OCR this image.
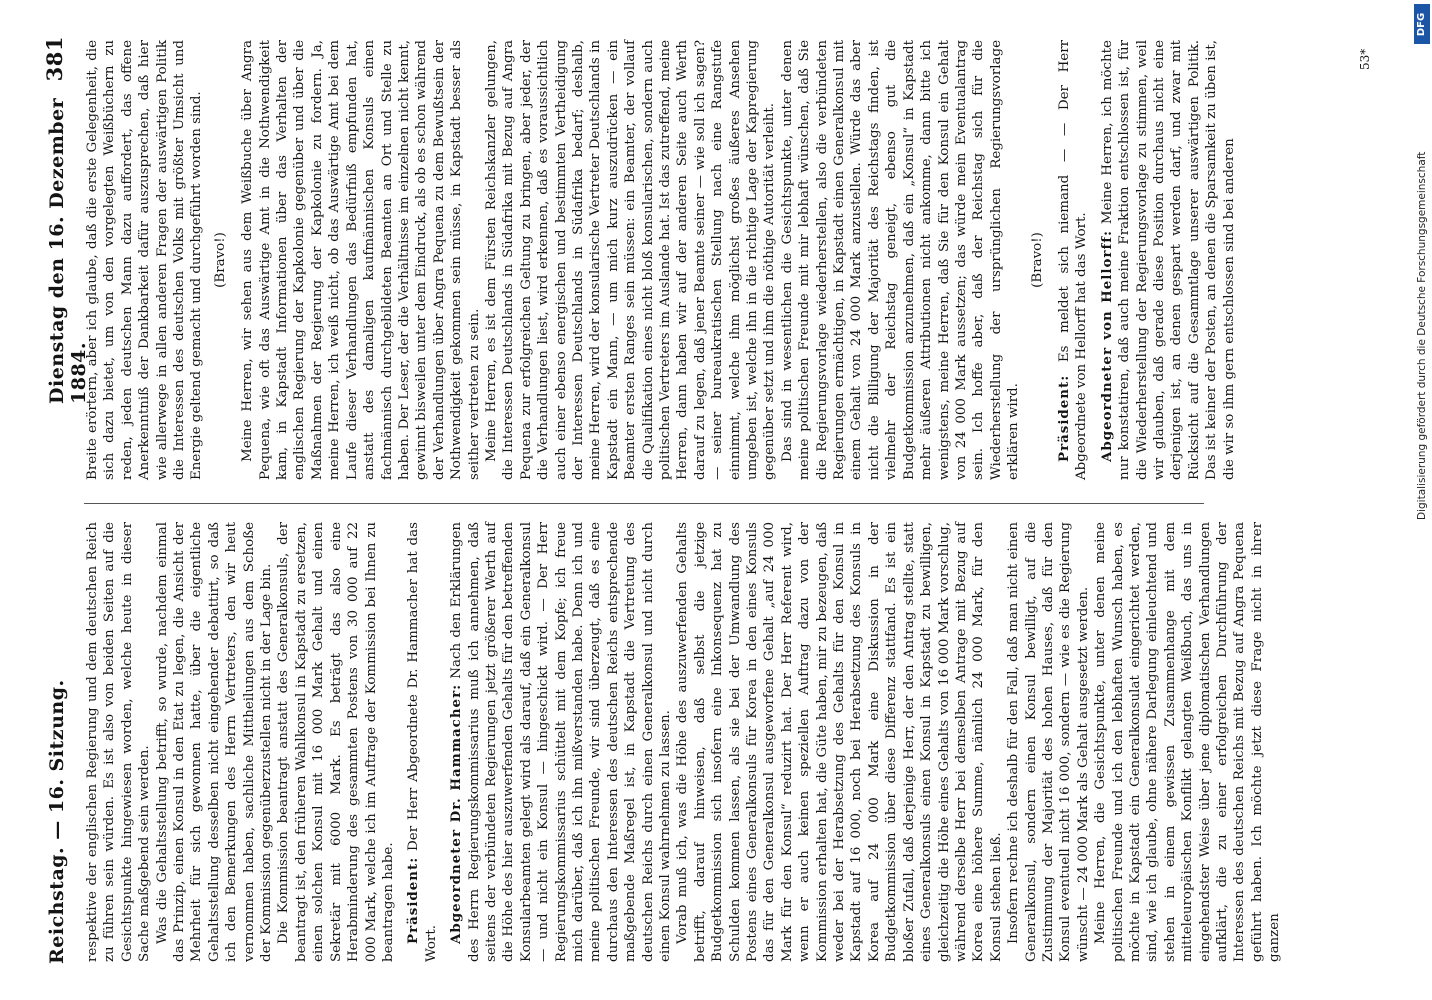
Reichstag. — 16. Sitzung.
Dienstag den 16. Dezember 1884.
381

respektive der englischen Regierung und dem deutschen Reich zu führen sein würden. Es ist also von beiden Seiten auf die Gesichtspunkte hingewiesen worden, welche heute in dieser Sache maßgebend sein werden. Was die Gehaltsstellung betrifft, so wurde, nachdem einmal das Prinzip, einen Konsul in den Etat zu legen, die Ansicht der Mehrheit für sich gewonnen hatte, über die eigentliche Gehaltsstellung desselben nicht eingehender debattirt, so daß ich den Bemerkungen des Herrn Vertreters, den wir heut vernommen haben, sachliche Mittheilungen aus dem Schoße der Kommission gegenüberzustellen nicht in der Lage bin. Die Kommission beantragt anstatt des Generalkonsuls, der beantragt ist, den früheren Wahlkonsul in Kapstadt zu ersetzen, einen solchen Konsul mit 16 000 Mark Gehalt und einen Sekretär mit 6000 Mark. Es beträgt das also eine Herabminderung des gesammten Postens von 30 000 auf 22 000 Mark, welche ich im Auftrage der Kommission bei Ihnen zu beantragen habe. Präsident: Der Herr Abgeordnete Dr. Hammacher hat das Wort. Abgeordneter Dr. Hammacher: Nach den Erklärungen des Herrn Regierungskommissarius muß ich annehmen, daß seitens der verbündeten Regierungen jetzt größerer Werth auf die Höhe des hier auszuwerfenden Gehalts für den betreffenden Konsularbeamten gelegt wird als darauf, daß ein Generalkonsul — und nicht ein Konsul — hingeschickt wird. — Der Herr Regierungskommissarius schüttelt mit dem Kopfe; ich freue mich darüber, daß ich ihn mißverstanden habe. Denn ich und meine politischen Freunde, wir sind überzeugt, daß es eine durchaus den Interessen des deutschen Reichs entsprechende maßgebende Maßregel ist, in Kapstadt die Vertretung des deutschen Reichs durch einen Generalkonsul und nicht durch einen Konsul wahrnehmen zu lassen. Vorab muß ich, was die Höhe des auszuwerfenden Gehalts betrifft, darauf hinweisen, daß selbst die jetzige Budgetkommission sich insofern eine Inkonsequenz hat zu Schulden kommen lassen, als sie bei der Umwandlung des Postens eines Generalkonsuls für Korea in den eines Konsuls das für den Generalkonsul ausgeworfene Gehalt „auf 24 000 Mark für den Konsul“ reduzirt hat. Der Herr Referent wird, wenn er auch keinen speziellen Auftrag dazu von der Kommission erhalten hat, die Güte haben, mir zu bezeugen, daß weder bei der Herabsetzung des Gehalts für den Konsul in Kapstadt auf 16 000, noch bei Herabsetzung des Konsuls in Korea auf 24 000 Mark eine Diskussion in der Budgetkommission über diese Differenz stattfand. Es ist ein bloßer Zufall, daß derjenige Herr, der den Antrag stellte, statt eines Generalkonsuls einen Konsul in Kapstadt zu bewilligen, gleichzeitig die Höhe eines Gehalts von 16 000 Mark vorschlug, während derselbe Herr bei demselben Antrage mit Bezug auf Korea eine höhere Summe, nämlich 24 000 Mark, für den Konsul stehen ließ. Insofern rechne ich deshalb für den Fall, daß man nicht einen Generalkonsul, sondern einen Konsul bewilligt, auf die Zustimmung der Majorität des hohen Hauses, daß für den Konsul eventuell nicht 16 000, sondern — wie es die Regierung wünscht — 24 000 Mark als Gehalt ausgesetzt werden. Meine Herren, die Gesichtspunkte, unter denen meine politischen Freunde und ich den lebhaften Wunsch haben, es möchte in Kapstadt ein Generalkonsulat eingerichtet werden, sind, wie ich glaube, ohne nähere Darlegung einleuchtend und stehen in einem gewissen Zusammenhange mit dem mitteleuropäischen Konflikt gelangten Weißbuch, das uns in eingehendster Weise über jene diplomatischen Verhandlungen aufklärt, die zu einer erfolgreichen Durchführung der Interessen des deutschen Reichs mit Bezug auf Angra Pequena geführt haben. Ich möchte jetzt diese Frage nicht in ihrer ganzen

Breite erörtern, aber ich glaube, daß die erste Gelegenheit, die sich dazu bietet, um von den vorgelegten Weißbüchern zu reden, jeden deutschen Mann dazu auffordert, das offene Anerkenntniß der Dankbarkeit dafür auszusprechen, daß hier wie allerwege in allen anderen Fragen der auswärtigen Politik die Interessen des deutschen Volks mit größter Umsicht und Energie geltend gemacht und durchgeführt worden sind. (Bravo!) Meine Herren, wir sehen aus dem Weißbuche über Angra Pequena, wie oft das Auswärtige Amt in die Nothwendigkeit kam, in Kapstadt Informationen über das Verhalten der englischen Regierung der Kapkolonie gegenüber und über die Maßnahmen der Regierung der Kapkolonie zu fordern. Ja, meine Herren, ich weiß nicht, ob das Auswärtige Amt bei dem Laufe dieser Verhandlungen das Bedürfniß empfunden hat, anstatt des damaligen kaufmännischen Konsuls einen fachmännisch durchgebildeten Beamten an Ort und Stelle zu haben. Der Leser, der die Verhältnisse im einzelnen nicht kennt, gewinnt bisweilen unter dem Eindruck, als ob es schon während der Verhandlungen über Angra Pequena zu dem Bewußtsein der Nothwendigkeit gekommen sein müsse, in Kapstadt besser als seither vertreten zu sein. Meine Herren, es ist dem Fürsten Reichskanzler gelungen, die Interessen Deutschlands in Südafrika mit Bezug auf Angra Pequena zur erfolgreichen Geltung zu bringen, aber jeder, der die Verhandlungen liest, wird erkennen, daß es voraussichtlich auch einer ebenso energischen und bestimmten Vertheidigung der Interessen Deutschlands in Südafrika bedarf; deshalb, meine Herren, wird der konsularische Vertreter Deutschlands in Kapstadt ein Mann, — um mich kurz auszudrücken — ein Beamter ersten Ranges sein müssen: ein Beamter, der vollauf die Qualifikation eines nicht bloß konsularischen, sondern auch politischen Vertreters im Auslande hat. Ist das zutreffend, meine Herren, dann haben wir auf der anderen Seite auch Werth darauf zu legen, daß jener Beamte seiner — wie soll ich sagen? — seiner bureaukratischen Stellung nach eine Rangstufe einnimmt, welche ihm möglichst großes äußeres Ansehen umgeben ist, welche ihn in die richtige Lage der Kapregierung gegenüber setzt und ihm die nöthige Autorität verleiht. Das sind in wesentlichen die Gesichtspunkte, unter denen meine politischen Freunde mit mir lebhaft wünschen, daß Sie die Regierungsvorlage wiederherstellen, also die verbündeten Regierungen ermächtigen, in Kapstadt einen Generalkonsul mit einem Gehalt von 24 000 Mark anzustellen. Würde das aber nicht die Billigung der Majorität des Reichstags finden, ist vielmehr der Reichstag geneigt, ebenso gut die Budgetkommission anzunehmen, daß ein „Konsul“ in Kapstadt mehr äußeren Attributionen nicht ankomme, dann bitte ich wenigstens, meine Herren, daß Sie für den Konsul ein Gehalt von 24 000 Mark aussetzen; das würde mein Eventualantrag sein. Ich hoffe aber, daß der Reichstag sich für die Wiederherstellung der ursprünglichen Regierungsvorlage erklären wird.

(Bravo!)

Präsident: Es meldet sich niemand — — Der Herr Abgeordnete von Hellorff hat das Wort. Abgeordneter von Hellorff: Meine Herren, ich möchte nur konstatiren, daß auch meine Fraktion entschlossen ist, für die Wiederherstellung der Regierungsvorlage zu stimmen, weil wir glauben, daß gerade diese Position durchaus nicht eine derjenigen ist, an denen gespart werden darf, und zwar mit Rücksicht auf die Gesammtlage unserer auswärtigen Politik. Das ist keiner der Posten, an denen die Sparsamkeit zu üben ist, die wir so ihm gern entschlossen sind bei anderen

53*
DFG
Digitalisierung gefördert durch die Deutsche Forschungsgemeinschaft
